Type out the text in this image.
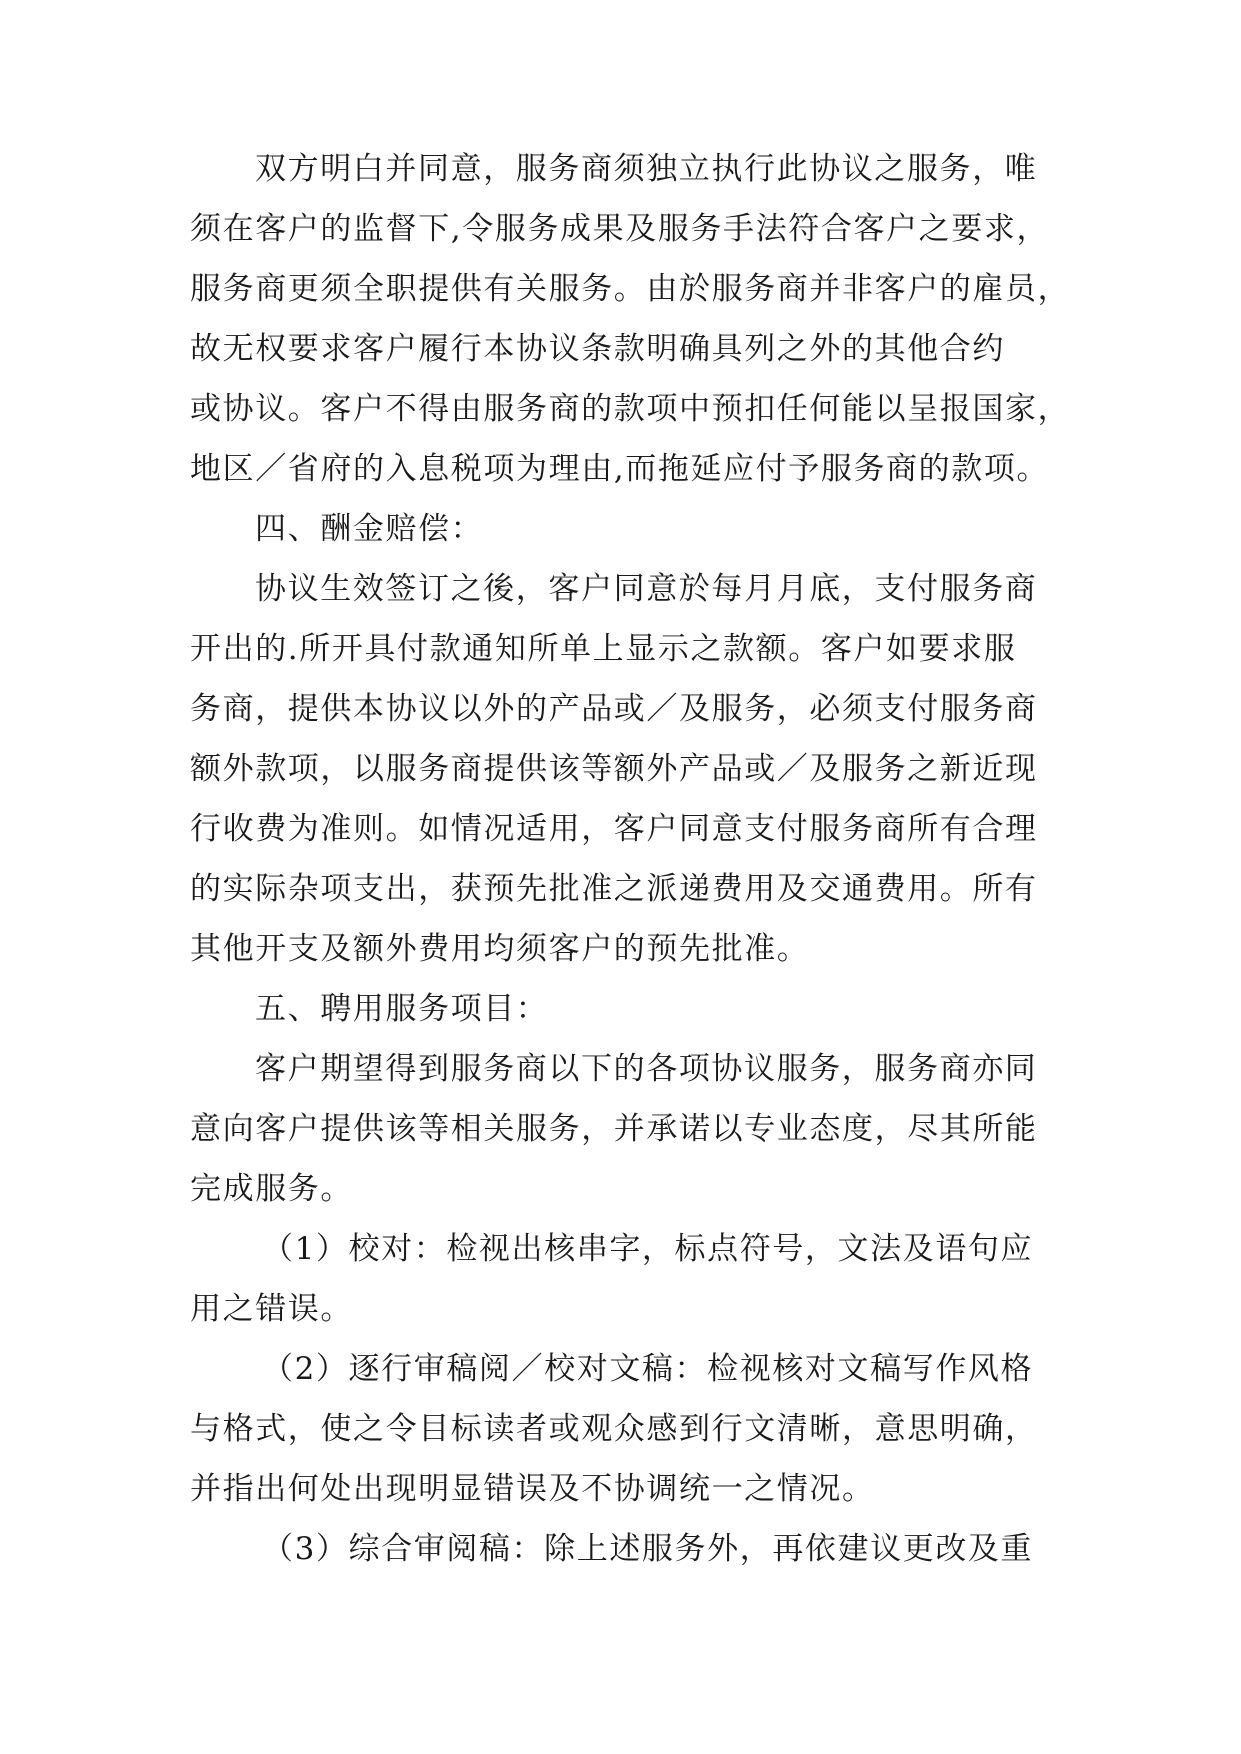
双方明白并同意，服务商须独立执行此协议之服务，唯
须在客户的监督下,令服务成果及服务手法符合客户之要求，
服务商更须全职提供有关服务。由於服务商并非客户的雇员，
故无权要求客户履行本协议条款明确具列之外的其他合约
或协议。客户不得由服务商的款项中预扣任何能以呈报国家，
地区／省府的入息税项为理由,而拖延应付予服务商的款项。
四、酬金赔偿：
协议生效签订之後，客户同意於每月月底，支付服务商
开出的.所开具付款通知所单上显示之款额。客户如要求服
务商，提供本协议以外的产品或／及服务，必须支付服务商
额外款项，以服务商提供该等额外产品或／及服务之新近现
行收费为准则。如情况适用，客户同意支付服务商所有合理
的实际杂项支出，获预先批准之派递费用及交通费用。所有
其他开支及额外费用均须客户的预先批准。
五、聘用服务项目：
客户期望得到服务商以下的各项协议服务，服务商亦同
意向客户提供该等相关服务，并承诺以专业态度，尽其所能
完成服务。
（1）校对：检视出核串字，标点符号，文法及语句应
用之错误。
（2）逐行审稿阅／校对文稿：检视核对文稿写作风格
与格式，使之令目标读者或观众感到行文清晰，意思明确，
并指出何处出现明显错误及不协调统一之情况。
（3）综合审阅稿：除上述服务外，再依建议更改及重
